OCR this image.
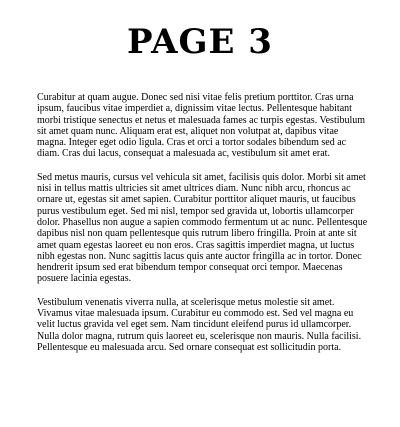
PAGE 3

Curabitur at quam augue. Donec sed nisi vitae felis pretium porttitor. Cras urna ipsum, faucibus vitae imperdiet a, dignissim vitae lectus. Pellentesque habitant morbi tristique senectus et netus et malesuada fames ac turpis egestas. Vestibulum sit amet quam nunc. Aliquam erat est, aliquet non volutpat at, dapibus vitae magna. Integer eget odio ligula. Cras et orci a tortor sodales bibendum sed ac diam. Cras dui lacus, consequat a malesuada ac, vestibulum sit amet erat.

Sed metus mauris, cursus vel vehicula sit amet, facilisis quis dolor. Morbi sit amet nisi in tellus mattis ultricies sit amet ultrices diam. Nunc nibh arcu, rhoncus ac ornare ut, egestas sit amet sapien. Curabitur porttitor aliquet mauris, ut faucibus purus vestibulum eget. Sed mi nisl, tempor sed gravida ut, lobortis ullamcorper dolor. Phasellus non augue a sapien commodo fermentum ut ac nunc. Pellentesque dapibus nisl non quam pellentesque quis rutrum libero fringilla. Proin at ante sit amet quam egestas laoreet eu non eros. Cras sagittis imperdiet magna, ut luctus nibh egestas non. Nunc sagittis lacus quis ante auctor fringilla ac in tortor. Donec hendrerit ipsum sed erat bibendum tempor consequat orci tempor. Maecenas posuere lacinia egestas.

Vestibulum venenatis viverra nulla, at scelerisque metus molestie sit amet. Vivamus vitae malesuada ipsum. Curabitur eu commodo est. Sed vel magna eu velit luctus gravida vel eget sem. Nam tincidunt eleifend purus id ullamcorper. Nulla dolor magna, rutrum quis laoreet eu, scelerisque non mauris. Nulla facilisi. Pellentesque eu malesuada arcu. Sed ornare consequat est sollicitudin porta.
